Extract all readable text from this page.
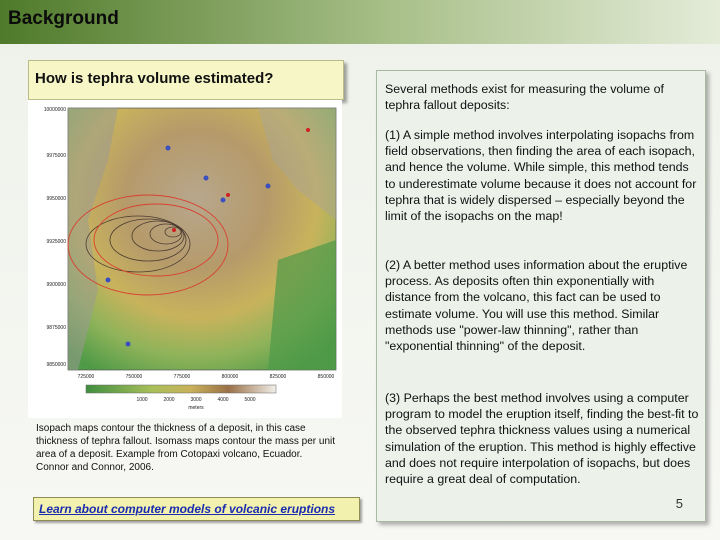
Background
How is tephra volume estimated?
10000000
9975000
9950000
9925000
9900000
9875000
9850000
725000	750000	775000	800000	825000	850000
1000	2000	3000	4000	5000
meters
Isopach maps contour the thickness of a deposit, in this case thickness of tephra fallout. Isomass maps contour the mass per unit area of a deposit. Example from Cotopaxi volcano, Ecuador. Connor and Connor, 2006.
Learn about computer models of volcanic eruptions
Several methods exist for measuring the volume of tephra fallout deposits:
(1) A simple method involves interpolating isopachs from field observations, then finding the area of each isopach, and hence the volume. While simple, this method tends to underestimate volume because it does not account for tephra that is widely dispersed – especially beyond the limit of the isopachs on the map!
(2) A better method uses information about the eruptive process. As deposits often thin exponentially with distance from the volcano, this fact can be used to estimate volume. You will use this method. Similar methods use "power-law thinning", rather than "exponential thinning" of the deposit.
(3) Perhaps the best method involves using a computer program to model the eruption itself, finding the best-fit to the observed tephra thickness values using a numerical simulation of the eruption. This method is highly effective and does not require interpolation of isopachs, but does require a great deal of computation.
5
